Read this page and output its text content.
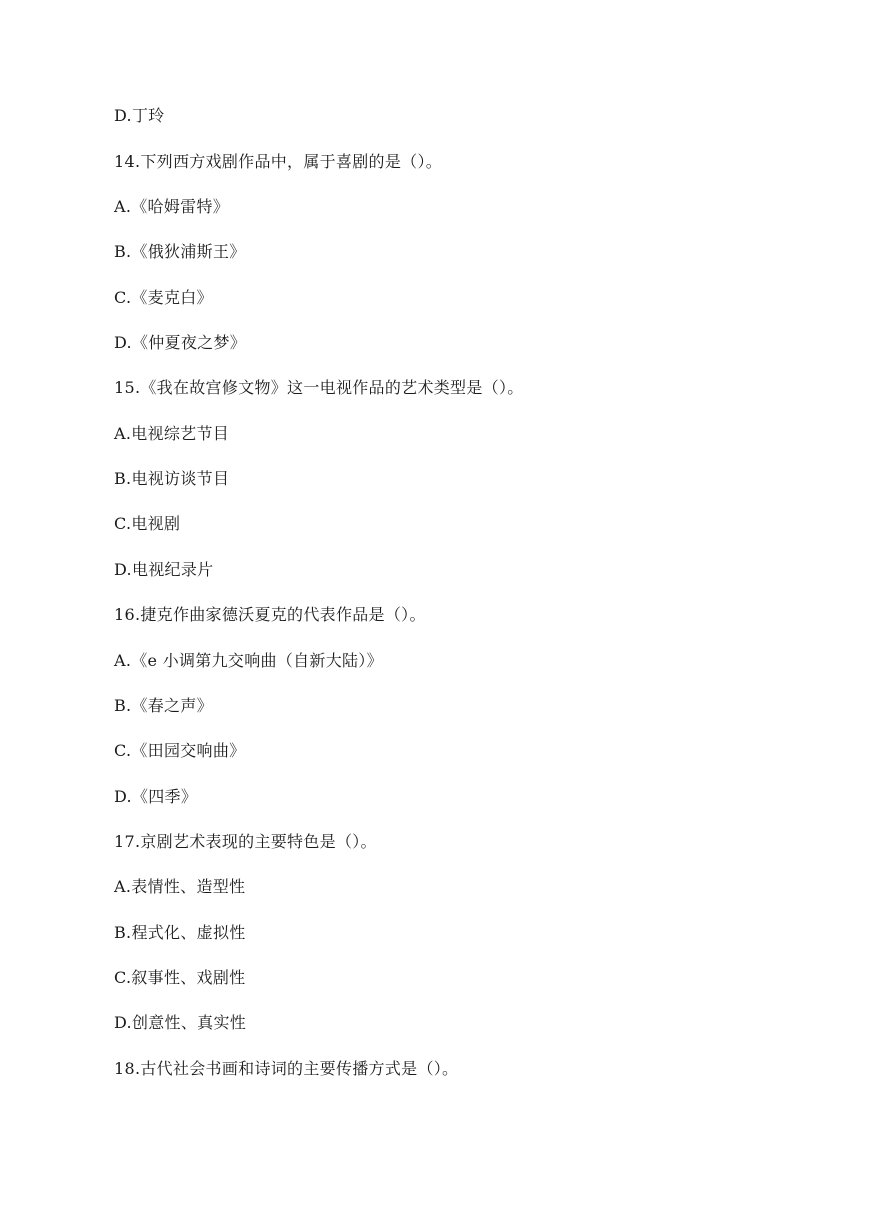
D.丁玲
14.下列西方戏剧作品中，属于喜剧的是（）。
A.《哈姆雷特》
B.《俄狄浦斯王》
C.《麦克白》
D.《仲夏夜之梦》
15.《我在故宫修文物》这一电视作品的艺术类型是（）。
A.电视综艺节目
B.电视访谈节目
C.电视剧
D.电视纪录片
16.捷克作曲家德沃夏克的代表作品是（）。
A.《e 小调第九交响曲（自新大陆）》
B.《春之声》
C.《田园交响曲》
D.《四季》
17.京剧艺术表现的主要特色是（）。
A.表情性、造型性
B.程式化、虚拟性
C.叙事性、戏剧性
D.创意性、真实性
18.古代社会书画和诗词的主要传播方式是（）。
